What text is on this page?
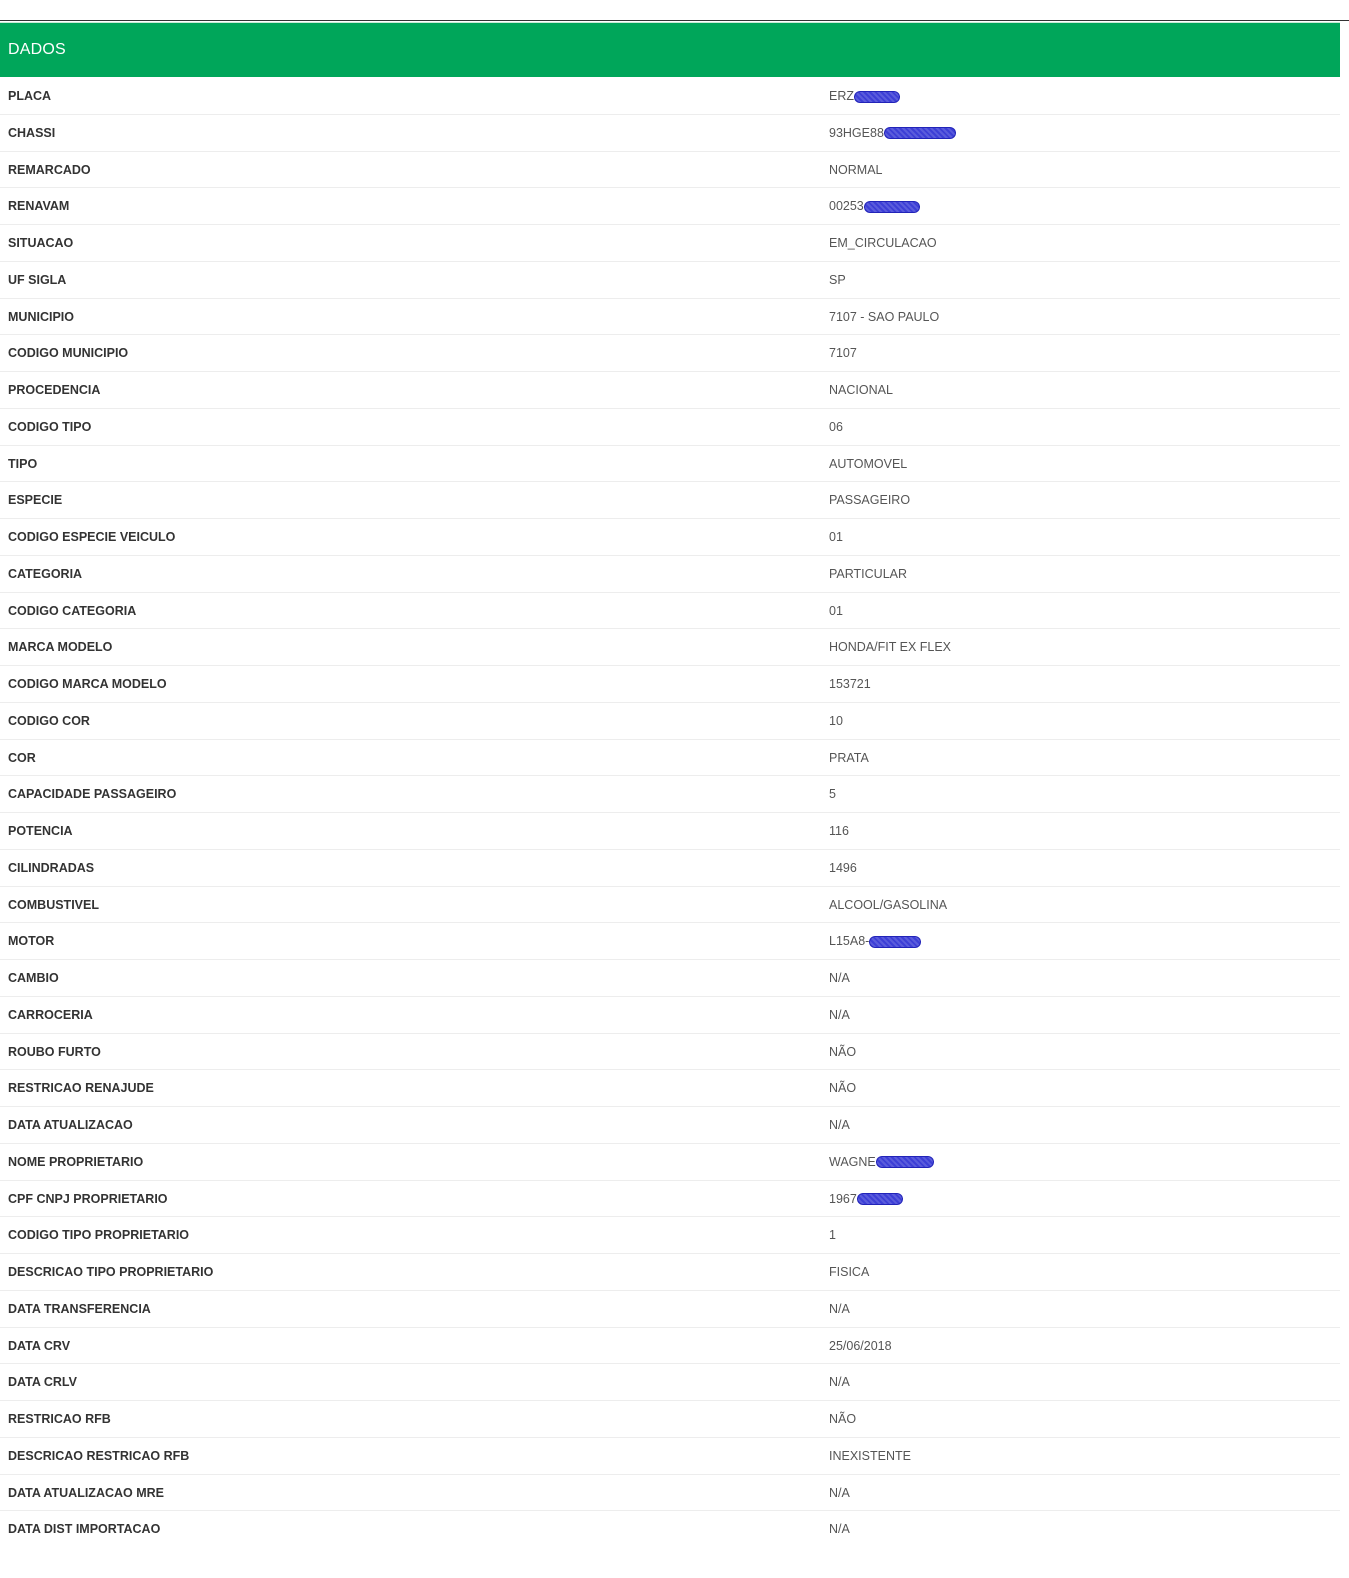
DADOS
PLACA	ERZ
CHASSI	93HGE88
REMARCADO	NORMAL
RENAVAM	00253
SITUACAO	EM_CIRCULACAO
UF SIGLA	SP
MUNICIPIO	7107 - SAO PAULO
CODIGO MUNICIPIO	7107
PROCEDENCIA	NACIONAL
CODIGO TIPO	06
TIPO	AUTOMOVEL
ESPECIE	PASSAGEIRO
CODIGO ESPECIE VEICULO	01
CATEGORIA	PARTICULAR
CODIGO CATEGORIA	01
MARCA MODELO	HONDA/FIT EX FLEX
CODIGO MARCA MODELO	153721
CODIGO COR	10
COR	PRATA
CAPACIDADE PASSAGEIRO	5
POTENCIA	116
CILINDRADAS	1496
COMBUSTIVEL	ALCOOL/GASOLINA
MOTOR	L15A8-
CAMBIO	N/A
CARROCERIA	N/A
ROUBO FURTO	NÃO
RESTRICAO RENAJUDE	NÃO
DATA ATUALIZACAO	N/A
NOME PROPRIETARIO	WAGNE
CPF CNPJ PROPRIETARIO	1967
CODIGO TIPO PROPRIETARIO	1
DESCRICAO TIPO PROPRIETARIO	FISICA
DATA TRANSFERENCIA	N/A
DATA CRV	25/06/2018
DATA CRLV	N/A
RESTRICAO RFB	NÃO
DESCRICAO RESTRICAO RFB	INEXISTENTE
DATA ATUALIZACAO MRE	N/A
DATA DIST IMPORTACAO	N/A
